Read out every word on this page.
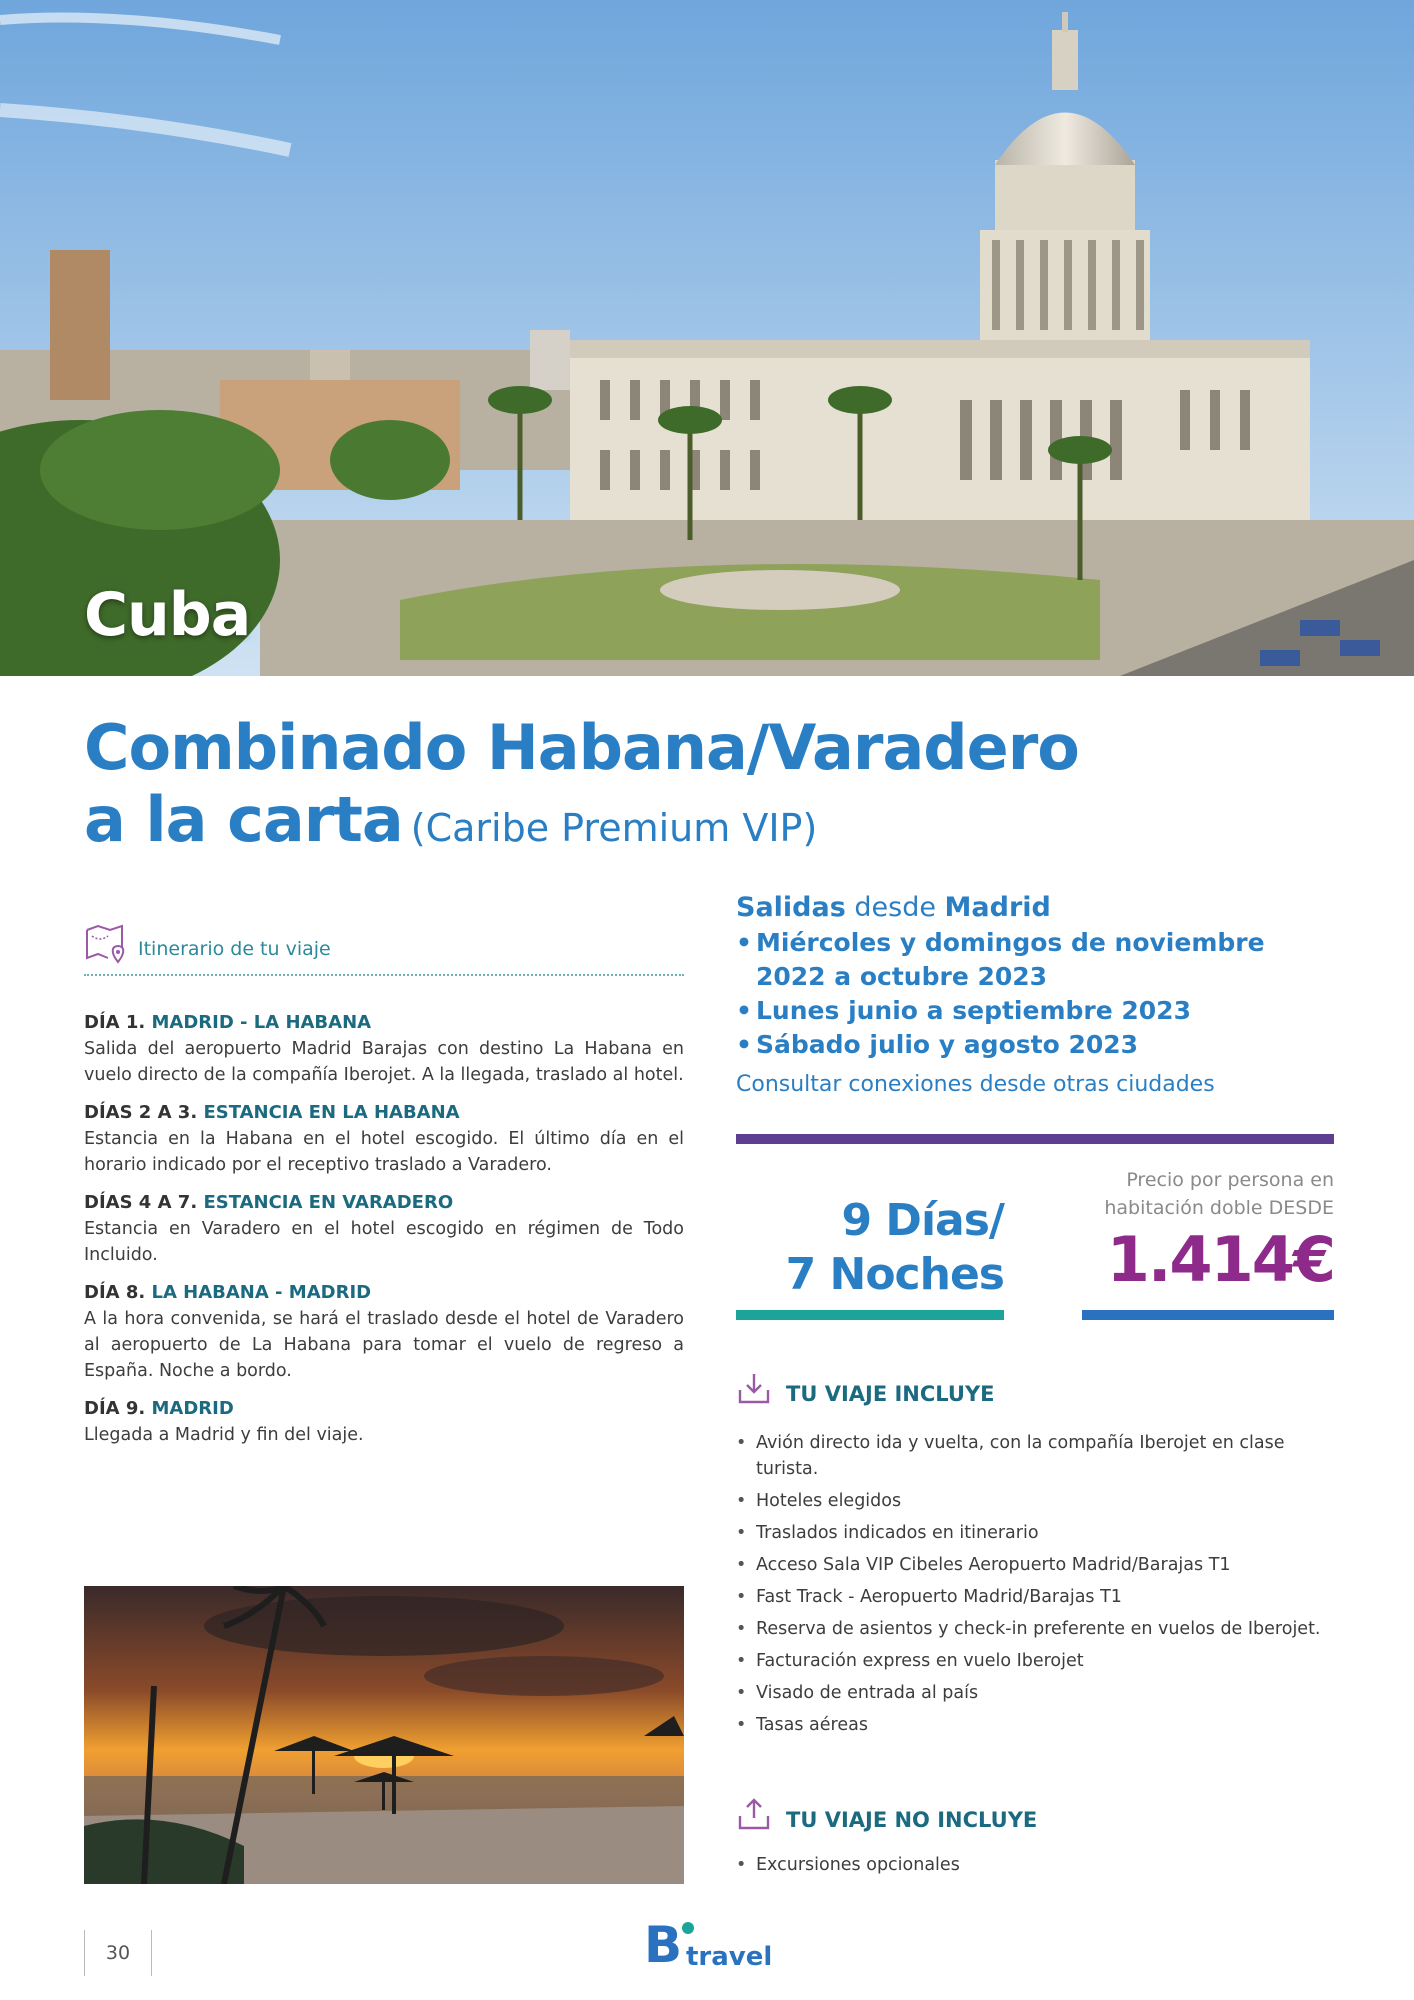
Cuba
Combinado Habana/Varadero
a la carta (Caribe Premium VIP)
Itinerario de tu viaje
DÍA 1. MADRID - LA HABANA
Salida del aeropuerto Madrid Barajas con destino La Habana en vuelo directo de la compañía Iberojet. A la llegada, traslado al hotel.
DÍAS 2 A 3. ESTANCIA EN LA HABANA
Estancia en la Habana en el hotel escogido. El último día en el horario indicado por el receptivo traslado a Varadero.
DÍAS 4 A 7. ESTANCIA EN VARADERO
Estancia en Varadero en el hotel escogido en régimen de Todo Incluido.
DÍA 8. LA HABANA - MADRID
A la hora convenida, se hará el traslado desde el hotel de Varadero al aeropuerto de La Habana para tomar el vuelo de regreso a España. Noche a bordo.
DÍA 9. MADRID
Llegada a Madrid y fin del viaje.
Salidas desde Madrid
• Miércoles y domingos de noviembre 2022 a octubre 2023
• Lunes junio a septiembre 2023
• Sábado julio y agosto 2023
Consultar conexiones desde otras ciudades
9 Días/
7 Noches
Precio por persona en
habitación doble DESDE
1.414€
TU VIAJE INCLUYE
• Avión directo ida y vuelta, con la compañía Iberojet en clase turista.
• Hoteles elegidos
• Traslados indicados en itinerario
• Acceso Sala VIP Cibeles Aeropuerto Madrid/Barajas T1
• Fast Track - Aeropuerto Madrid/Barajas T1
• Reserva de asientos y check-in preferente en vuelos de Iberojet.
• Facturación express en vuelo Iberojet
• Visado de entrada al país
• Tasas aéreas
TU VIAJE NO INCLUYE
• Excursiones opcionales
30	B travel
